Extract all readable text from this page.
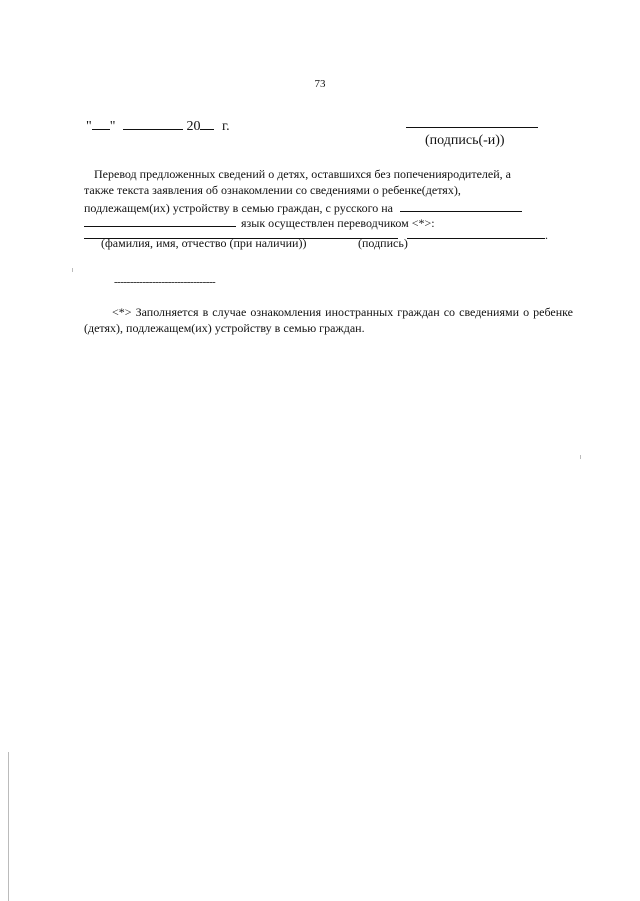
73
" "	20 г.
(подпись(-и))
Перевод предложенных сведений о детях, оставшихся без попеченияродителей, а
также текста заявления об ознакомлении со сведениями о ребенке(детях),
подлежащем(их) устройству в семью граждан, с русского на
язык осуществлен переводчиком <*>:
.
(фамилия, имя, отчество (при наличии))	(подпись)
--------------------------------
<*> Заполняется в случае ознакомления иностранных граждан со сведениями о ребенке (детях), подлежащем(их) устройству в семью граждан.
